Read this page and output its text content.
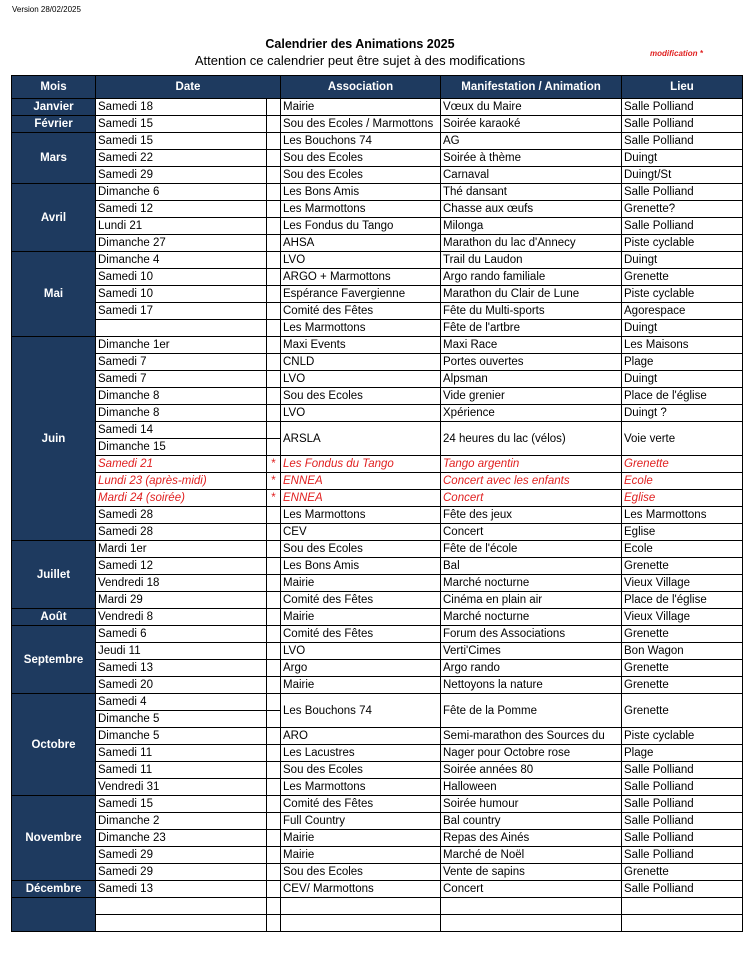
Version 28/02/2025
Calendrier des Animations 2025
Attention ce calendrier peut être sujet à des modifications	modification *
Mois	Date		Association	Manifestation / Animation	Lieu
Janvier	Samedi 18		Mairie	Vœux du Maire	Salle Polliand
Février	Samedi 15		Sou des Ecoles / Marmottons	Soirée karaoké	Salle Polliand
Mars	Samedi 15		Les Bouchons 74	AG	Salle Polliand
	Samedi 22		Sou des Ecoles	Soirée à thème	Duingt
	Samedi 29		Sou des Ecoles	Carnaval	Duingt/St
Avril	Dimanche 6		Les Bons Amis	Thé dansant	Salle Polliand
	Samedi 12		Les Marmottons	Chasse aux œufs	Grenette?
	Lundi 21		Les Fondus du Tango	Milonga	Salle Polliand
	Dimanche 27		AHSA	Marathon du lac d'Annecy	Piste cyclable
Mai	Dimanche 4		LVO	Trail du Laudon	Duingt
	Samedi 10		ARGO + Marmottons	Argo rando familiale	Grenette
	Samedi 10		Espérance Favergienne	Marathon du Clair de Lune	Piste cyclable
	Samedi 17		Comité des Fêtes	Fête du Multi-sports	Agorespace
			Les Marmottons	Fête de l'artbre	Duingt
Juin	Dimanche 1er		Maxi Events	Maxi Race	Les Maisons
	Samedi 7		CNLD	Portes ouvertes	Plage
	Samedi 7		LVO	Alpsman	Duingt
	Dimanche 8		Sou des Ecoles	Vide grenier	Place de l'église
	Dimanche 8		LVO	Xpérience	Duingt ?
	Samedi 14		ARSLA	24 heures du lac (vélos)	Voie verte
	Dimanche 15				
	Samedi 21	*	Les Fondus du Tango	Tango argentin	Grenette
	Lundi 23 (après-midi)	*	ENNEA	Concert avec les enfants	Ecole
	Mardi 24 (soirée)	*	ENNEA	Concert	Eglise
	Samedi 28		Les Marmottons	Fête des jeux	Les Marmottons
	Samedi 28		CEV	Concert	Eglise
Juillet	Mardi 1er		Sou des Ecoles	Fête de l'école	Ecole
	Samedi 12		Les Bons Amis	Bal	Grenette
	Vendredi 18		Mairie	Marché nocturne	Vieux Village
	Mardi 29		Comité des Fêtes	Cinéma en plain air	Place de l'église
Août	Vendredi 8		Mairie	Marché nocturne	Vieux Village
Septembre	Samedi 6		Comité des Fêtes	Forum des Associations	Grenette
	Jeudi 11		LVO	Verti'Cimes	Bon Wagon
	Samedi 13		Argo	Argo rando	Grenette
	Samedi 20		Mairie	Nettoyons la nature	Grenette
Octobre	Samedi 4		Les Bouchons 74	Fête de la Pomme	Grenette
	Dimanche 5				
	Dimanche 5		ARO	Semi-marathon des Sources du	Piste cyclable
	Samedi 11		Les Lacustres	Nager pour Octobre rose	Plage
	Samedi 11		Sou des Ecoles	Soirée années 80	Salle Polliand
	Vendredi 31		Les Marmottons	Halloween	Salle Polliand
Novembre	Samedi 15		Comité des Fêtes	Soirée humour	Salle Polliand
	Dimanche 2		Full Country	Bal country	Salle Polliand
	Dimanche 23		Mairie	Repas des Ainés	Salle Polliand
	Samedi 29		Mairie	Marché de Noël	Salle Polliand
	Samedi 29		Sou des Ecoles	Vente de sapins	Grenette
Décembre	Samedi 13		CEV/ Marmottons	Concert	Salle Polliand
